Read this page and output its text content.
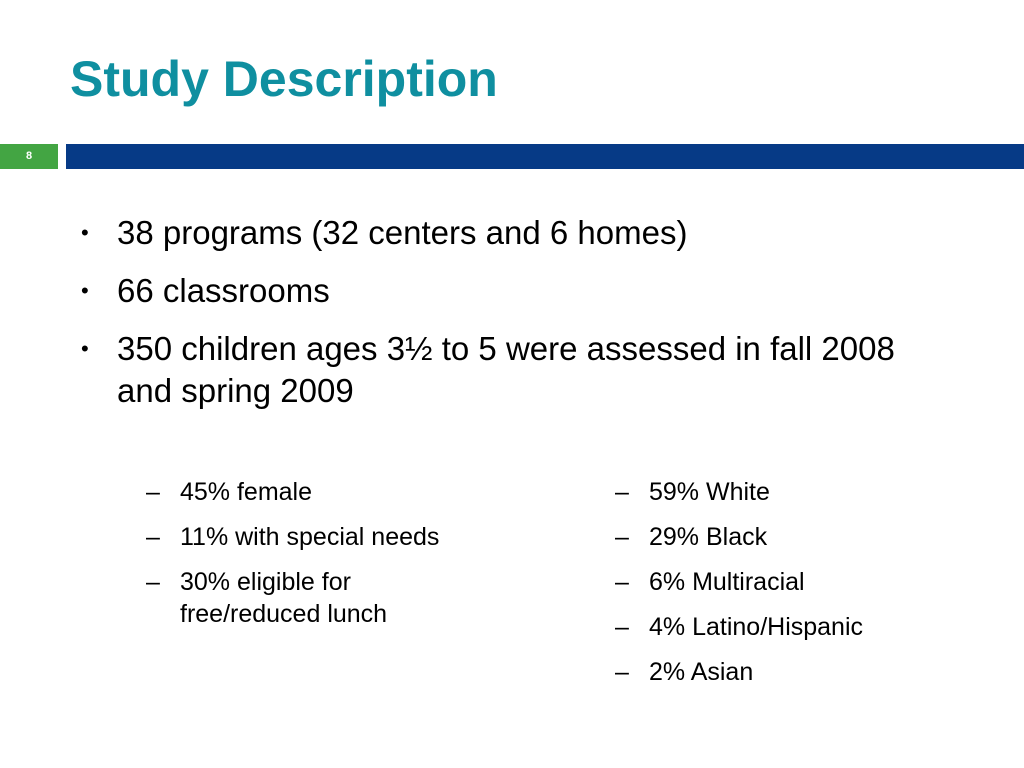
Study Description
8
• 38 programs (32 centers and 6 homes)
• 66 classrooms
• 350 children ages 3½ to 5 were assessed in fall 2008 and spring 2009
– 45% female
– 11% with special needs
– 30% eligible for free/reduced lunch
– 59% White
– 29% Black
– 6% Multiracial
– 4% Latino/Hispanic
– 2% Asian
